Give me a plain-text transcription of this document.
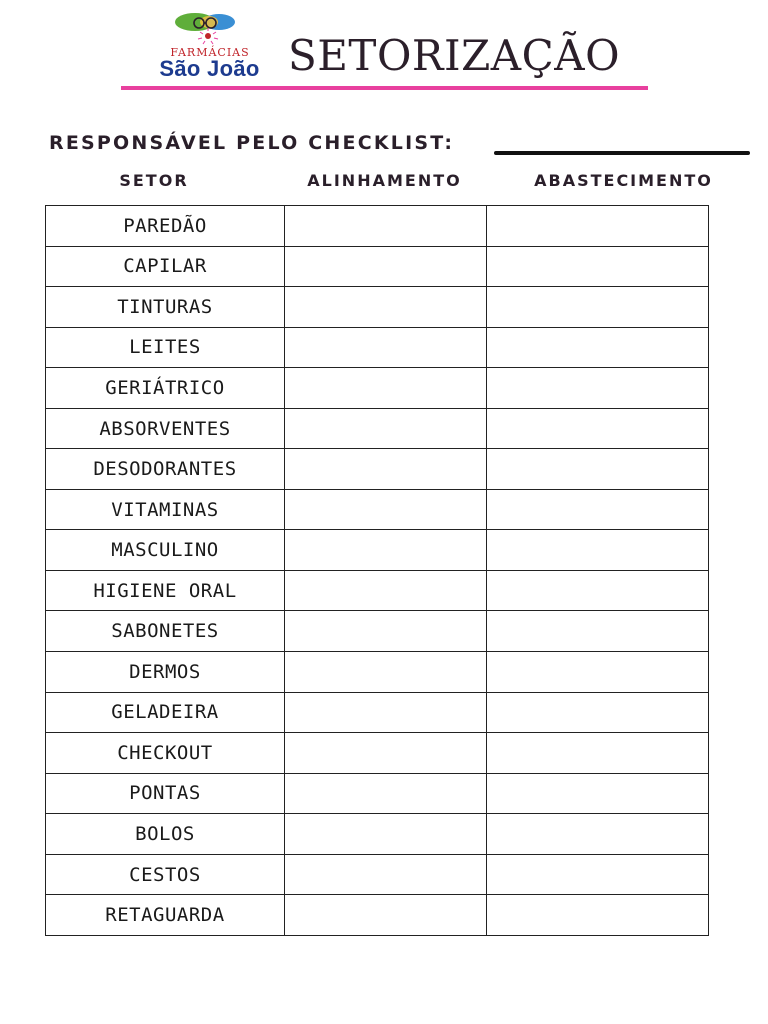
FARMÁCIAS
São João SETORIZAÇÃO
RESPONSÁVEL PELO CHECKLIST:
SETOR	ALINHAMENTO	ABASTECIMENTO
PAREDÃO		
CAPILAR		
TINTURAS		
LEITES		
GERIÁTRICO		
ABSORVENTES		
DESODORANTES		
VITAMINAS		
MASCULINO		
HIGIENE ORAL		
SABONETES		
DERMOS		
GELADEIRA		
CHECKOUT		
PONTAS		
BOLOS		
CESTOS		
RETAGUARDA		
